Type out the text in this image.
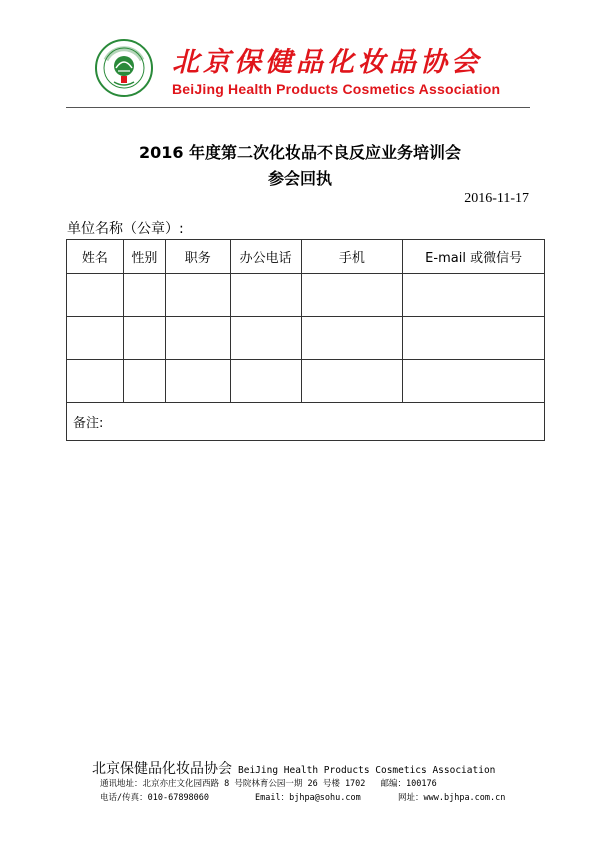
北京保健品化妆品协会
BeiJing Health Products Cosmetics Association
2016 年度第二次化妆品不良反应业务培训会
参会回执
2016-11-17
单位名称（公章）:
姓名	性别	职务	办公电话	手机	E-mail 或微信号

备注:					
北京保健品化妆品协会 BeiJing Health Products Cosmetics Association
通讯地址：北京亦庄文化园西路 8 号院林育公园一期 26 号楼 1702 邮编：100176
电话/传真：010-67898060	Email：bjhpa@sohu.com	网址：www.bjhpa.com.cn
